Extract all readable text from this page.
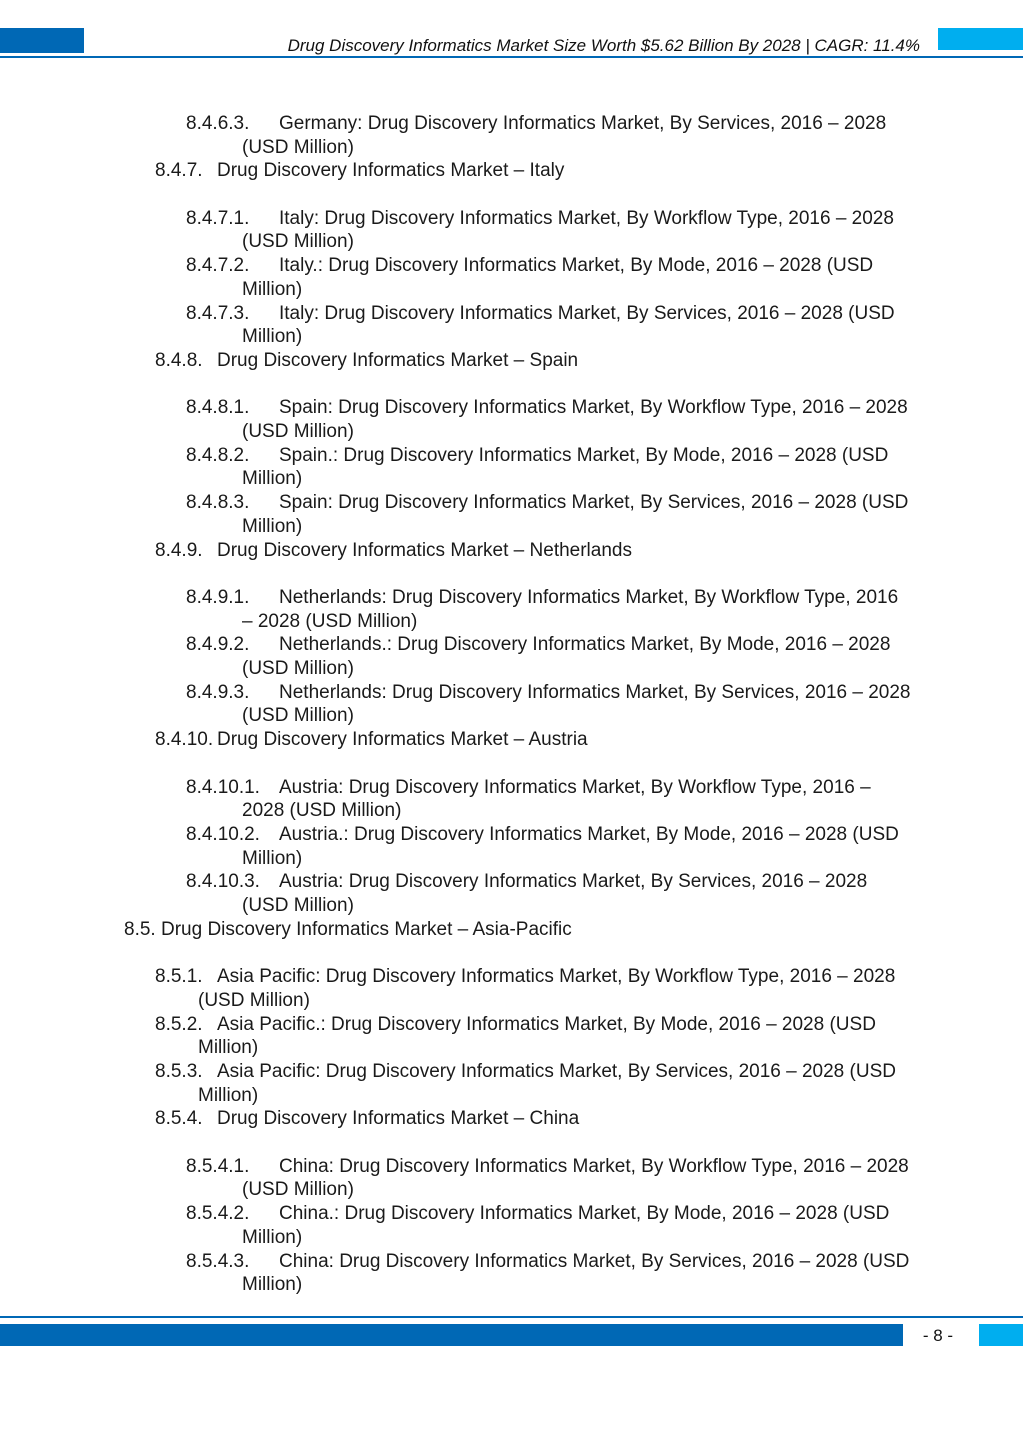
Drug Discovery Informatics Market Size Worth $5.62 Billion By 2028 | CAGR: 11.4%
8.4.6.3. Germany: Drug Discovery Informatics Market, By Services, 2016 – 2028
(USD Million)
8.4.7. Drug Discovery Informatics Market – Italy
8.4.7.1. Italy: Drug Discovery Informatics Market, By Workflow Type, 2016 – 2028
(USD Million)
8.4.7.2. Italy.: Drug Discovery Informatics Market, By Mode, 2016 – 2028 (USD
Million)
8.4.7.3. Italy: Drug Discovery Informatics Market, By Services, 2016 – 2028 (USD
Million)
8.4.8. Drug Discovery Informatics Market – Spain
8.4.8.1. Spain: Drug Discovery Informatics Market, By Workflow Type, 2016 – 2028
(USD Million)
8.4.8.2. Spain.: Drug Discovery Informatics Market, By Mode, 2016 – 2028 (USD
Million)
8.4.8.3. Spain: Drug Discovery Informatics Market, By Services, 2016 – 2028 (USD
Million)
8.4.9. Drug Discovery Informatics Market – Netherlands
8.4.9.1. Netherlands: Drug Discovery Informatics Market, By Workflow Type, 2016
– 2028 (USD Million)
8.4.9.2. Netherlands.: Drug Discovery Informatics Market, By Mode, 2016 – 2028
(USD Million)
8.4.9.3. Netherlands: Drug Discovery Informatics Market, By Services, 2016 – 2028
(USD Million)
8.4.10. Drug Discovery Informatics Market – Austria
8.4.10.1. Austria: Drug Discovery Informatics Market, By Workflow Type, 2016 –
2028 (USD Million)
8.4.10.2. Austria.: Drug Discovery Informatics Market, By Mode, 2016 – 2028 (USD
Million)
8.4.10.3. Austria: Drug Discovery Informatics Market, By Services, 2016 – 2028
(USD Million)
8.5. Drug Discovery Informatics Market – Asia-Pacific
8.5.1. Asia Pacific: Drug Discovery Informatics Market, By Workflow Type, 2016 – 2028
(USD Million)
8.5.2. Asia Pacific.: Drug Discovery Informatics Market, By Mode, 2016 – 2028 (USD
Million)
8.5.3. Asia Pacific: Drug Discovery Informatics Market, By Services, 2016 – 2028 (USD
Million)
8.5.4. Drug Discovery Informatics Market – China
8.5.4.1. China: Drug Discovery Informatics Market, By Workflow Type, 2016 – 2028
(USD Million)
8.5.4.2. China.: Drug Discovery Informatics Market, By Mode, 2016 – 2028 (USD
Million)
8.5.4.3. China: Drug Discovery Informatics Market, By Services, 2016 – 2028 (USD
Million)
- 8 -
